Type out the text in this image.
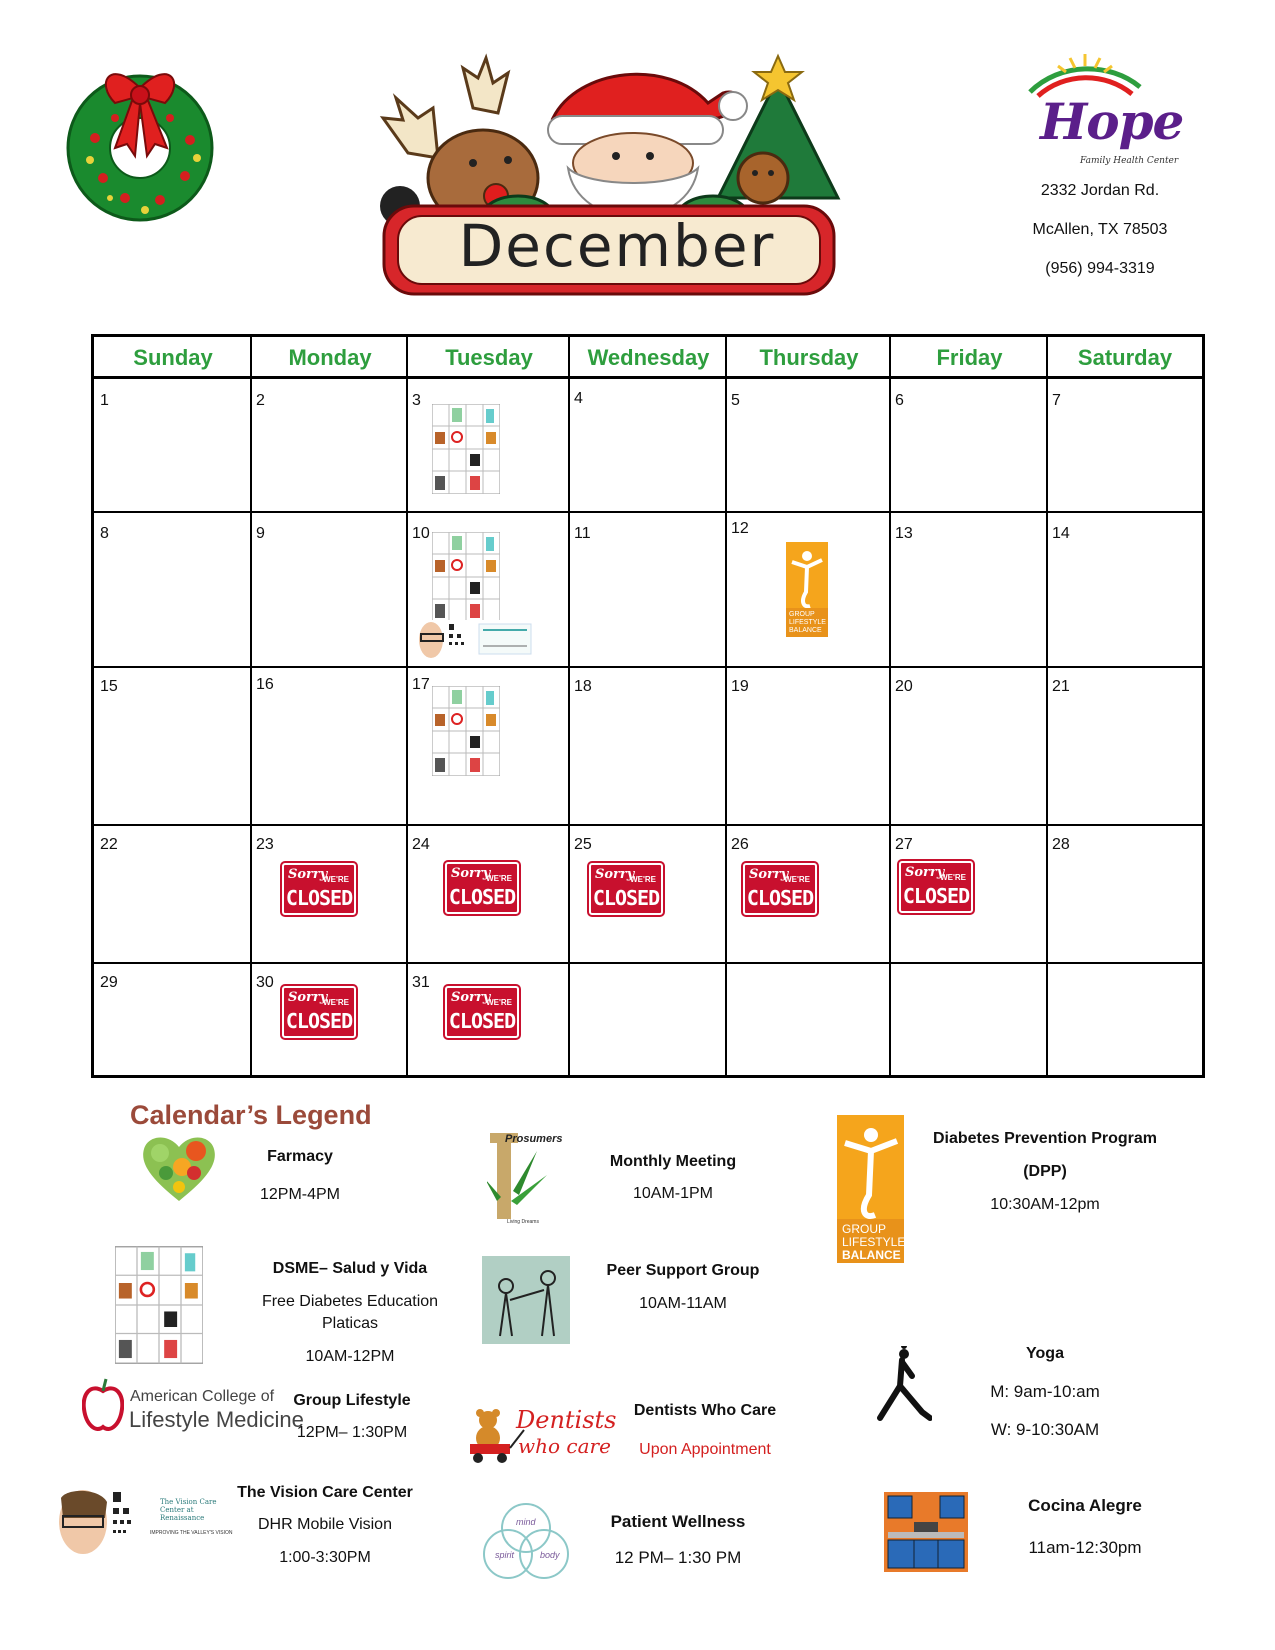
December
Hope
Family Health Center
2332 Jordan Rd.
McAllen, TX 78503
(956) 994-3319
Sunday	Monday	Tuesday	Wednesday	Thursday	Friday	Saturday
1	2	3	4	5	6	7
8	9	10	11	12	13	14
15	16	17	18	19	20	21
22	23	24	25	26	27	28
29	30	31
GROUP
LIFESTYLE
BALANCE
Sorry
WE'RE
CLOSED
Sorry
WE'RE
CLOSED
Sorry
WE'RE
CLOSED
Sorry
WE'RE
CLOSED
Sorry
WE'RE
CLOSED
Sorry
WE'RE
CLOSED
Sorry
WE'RE
CLOSED
Calendar’s Legend
Farmacy
12PM-4PM
DSME– Salud y Vida
Free Diabetes Education
Platicas
10AM-12PM
American College of
Lifestyle Medicine
Group Lifestyle
12PM– 1:30PM
The Vision Care Center at Renaissance
IMPROVING THE VALLEY'S VISION
The Vision Care Center
DHR Mobile Vision
1:00-3:30PM
Prosumers
Living Dreams
Monthly Meeting
10AM-1PM
Peer Support Group
10AM-11AM
Dentists
who care
Dentists Who Care
Upon Appointment
mind
spirit	body
Patient Wellness
12 PM– 1:30 PM
GROUP
LIFESTYLE
BALANCE
Diabetes Prevention Program
(DPP)
10:30AM-12pm
Yoga
M: 9am-10:am
W: 9-10:30AM
Cocina Alegre
11am-12:30pm
